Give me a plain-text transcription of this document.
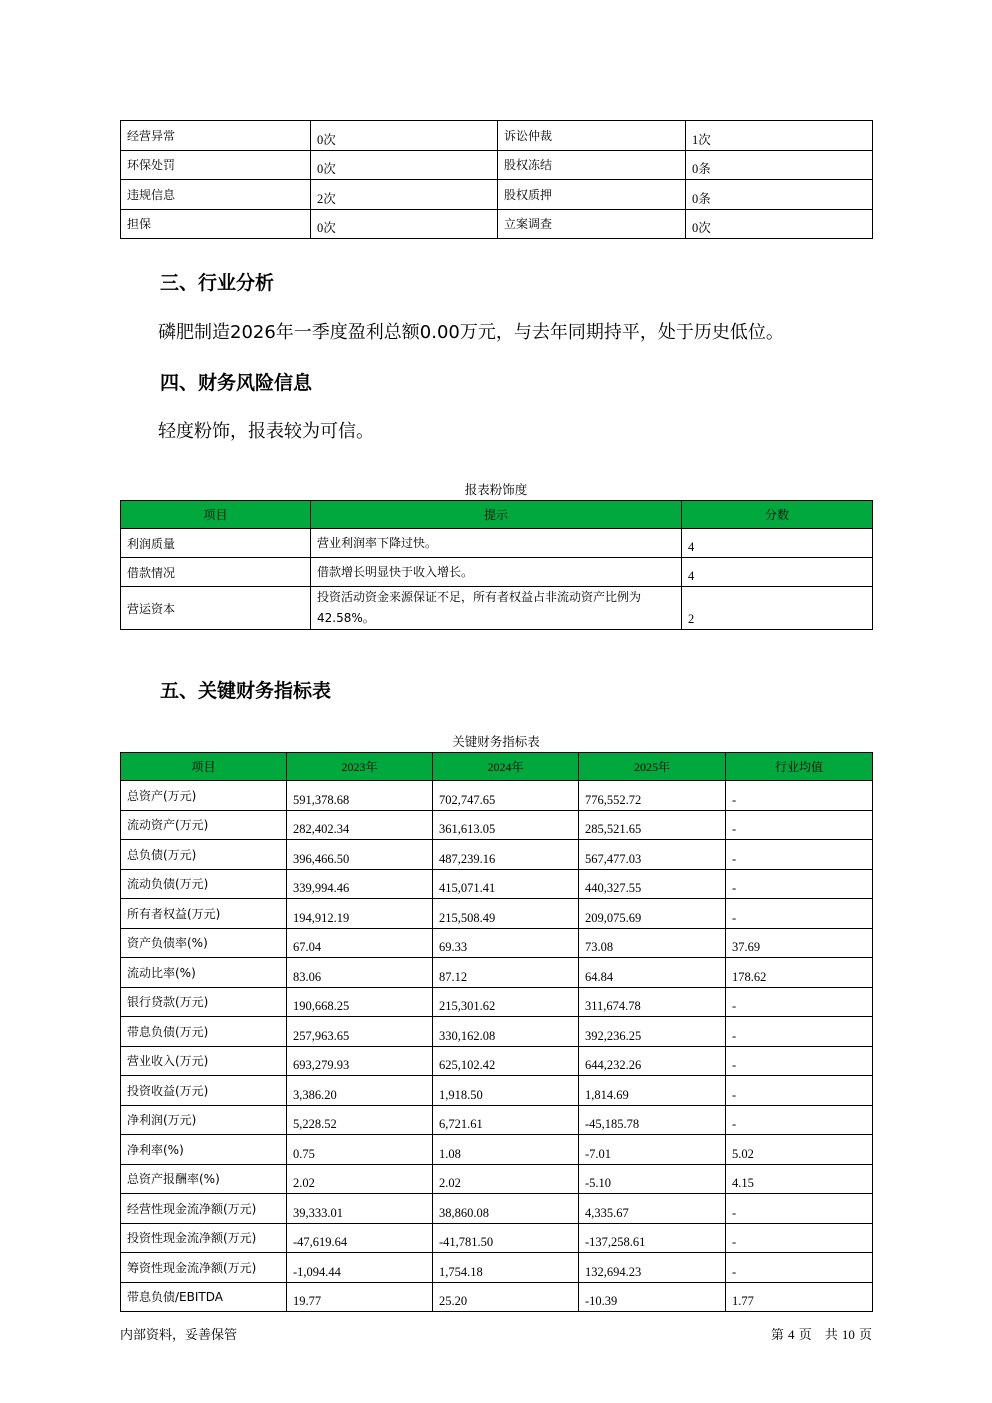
经营异常	0次	诉讼仲裁	1次
环保处罚	0次	股权冻结	0条
违规信息	2次	股权质押	0条
担保	0次	立案调查	0次
三、行业分析

磷肥制造2026年一季度盈利总额0.00万元，与去年同期持平，处于历史低位。

四、财务风险信息

轻度粉饰，报表较为可信。

报表粉饰度
项目	提示	分数
利润质量	营业利润率下降过快。	4
借款情况	借款增长明显快于收入增长。	4
营运资本	投资活动资金来源保证不足，所有者权益占非流动资产比例为42.58%。	2
五、关键财务指标表
关键财务指标表
项目	2023年	2024年	2025年	行业均值
总资产(万元)	591,378.68	702,747.65	776,552.72	-
流动资产(万元)	282,402.34	361,613.05	285,521.65	-
总负债(万元)	396,466.50	487,239.16	567,477.03	-
流动负债(万元)	339,994.46	415,071.41	440,327.55	-
所有者权益(万元)	194,912.19	215,508.49	209,075.69	-
资产负债率(%)	67.04	69.33	73.08	37.69
流动比率(%)	83.06	87.12	64.84	178.62
银行贷款(万元)	190,668.25	215,301.62	311,674.78	-
带息负债(万元)	257,963.65	330,162.08	392,236.25	-
营业收入(万元)	693,279.93	625,102.42	644,232.26	-
投资收益(万元)	3,386.20	1,918.50	1,814.69	-
净利润(万元)	5,228.52	6,721.61	-45,185.78	-
净利率(%)	0.75	1.08	-7.01	5.02
总资产报酬率(%)	2.02	2.02	-5.10	4.15
经营性现金流净额(万元)	39,333.01	38,860.08	4,335.67	-
投资性现金流净额(万元)	-47,619.64	-41,781.50	-137,258.61	-
筹资性现金流净额(万元)	-1,094.44	1,754.18	132,694.23	-
带息负债/EBITDA	19.77	25.20	-10.39	1.77
内部资料，妥善保管	第 4 页　共 10 页
